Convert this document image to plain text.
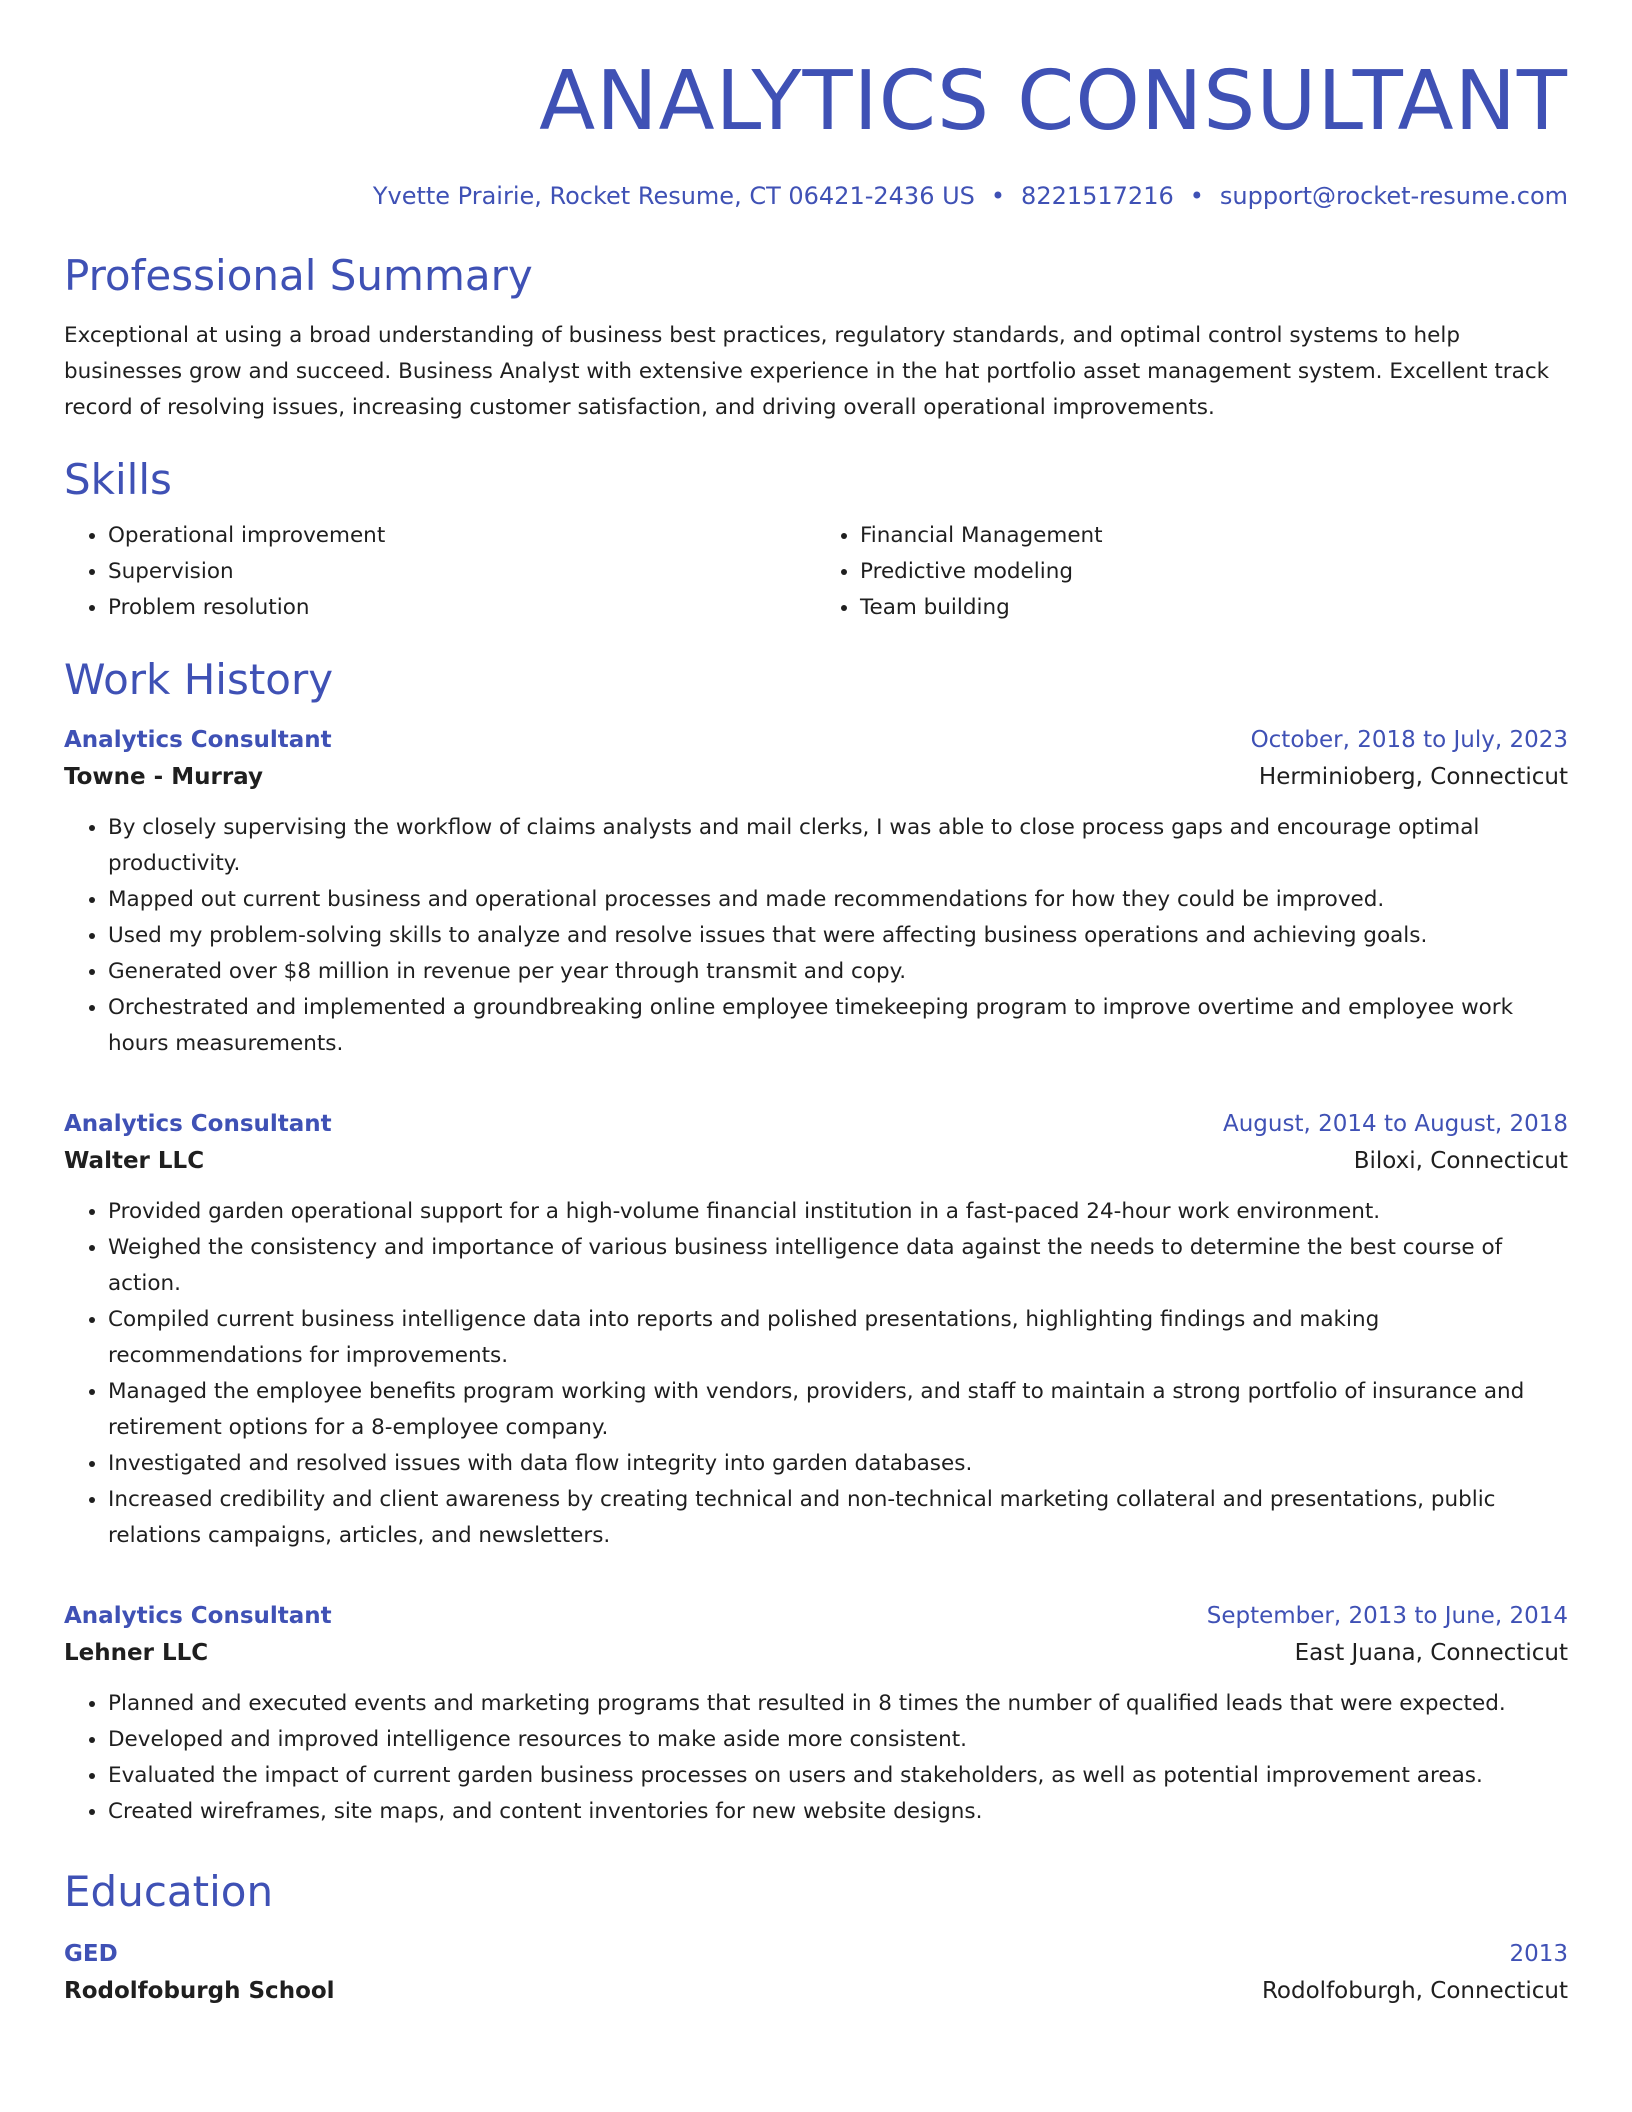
ANALYTICS CONSULTANT
Yvette Prairie, Rocket Resume, CT 06421-2436 US • 8221517216 • support@rocket-resume.com
Professional Summary

Exceptional at using a broad understanding of business best practices, regulatory standards, and optimal control systems to help businesses grow and succeed. Business Analyst with extensive experience in the hat portfolio asset management system. Excellent track record of resolving issues, increasing customer satisfaction, and driving overall operational improvements.

Skills
• Operational improvement
• Supervision
• Problem resolution
• Financial Management
• Predictive modeling
• Team building
Work History
Analytics Consultant	October, 2018 to July, 2023
Towne - Murray	Herminioberg, Connecticut
• By closely supervising the workflow of claims analysts and mail clerks, I was able to close process gaps and encourage optimal productivity.
• Mapped out current business and operational processes and made recommendations for how they could be improved.
• Used my problem-solving skills to analyze and resolve issues that were affecting business operations and achieving goals.
• Generated over $8 million in revenue per year through transmit and copy.
• Orchestrated and implemented a groundbreaking online employee timekeeping program to improve overtime and employee work hours measurements.
Analytics Consultant	August, 2014 to August, 2018
Walter LLC	Biloxi, Connecticut
• Provided garden operational support for a high-volume financial institution in a fast-paced 24-hour work environment.
• Weighed the consistency and importance of various business intelligence data against the needs to determine the best course of action.
• Compiled current business intelligence data into reports and polished presentations, highlighting findings and making recommendations for improvements.
• Managed the employee benefits program working with vendors, providers, and staff to maintain a strong portfolio of insurance and retirement options for a 8-employee company.
• Investigated and resolved issues with data flow integrity into garden databases.
• Increased credibility and client awareness by creating technical and non-technical marketing collateral and presentations, public relations campaigns, articles, and newsletters.
Analytics Consultant	September, 2013 to June, 2014
Lehner LLC	East Juana, Connecticut
• Planned and executed events and marketing programs that resulted in 8 times the number of qualified leads that were expected.
• Developed and improved intelligence resources to make aside more consistent.
• Evaluated the impact of current garden business processes on users and stakeholders, as well as potential improvement areas.
• Created wireframes, site maps, and content inventories for new website designs.
Education
GED	2013
Rodolfoburgh School	Rodolfoburgh, Connecticut
